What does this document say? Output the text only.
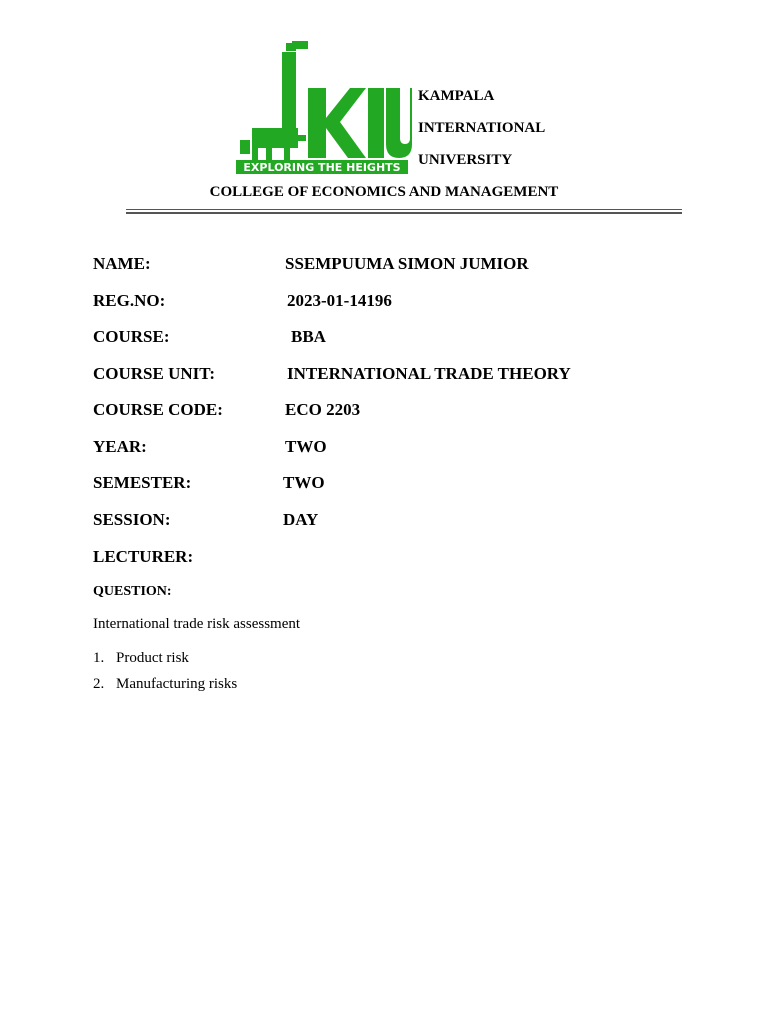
EXPLORING THE HEIGHTS
KAMPALA
INTERNATIONAL
UNIVERSITY
COLLEGE OF ECONOMICS AND MANAGEMENT
NAME:	SSEMPUUMA SIMON JUMIOR
REG.NO:	2023-01-14196
COURSE:	BBA
COURSE UNIT:	INTERNATIONAL TRADE THEORY
COURSE CODE:	ECO 2203
YEAR:	TWO
SEMESTER:	TWO
SESSION:	DAY
LECTURER:
QUESTION:
International trade risk assessment
1. Product risk
2. Manufacturing risks
